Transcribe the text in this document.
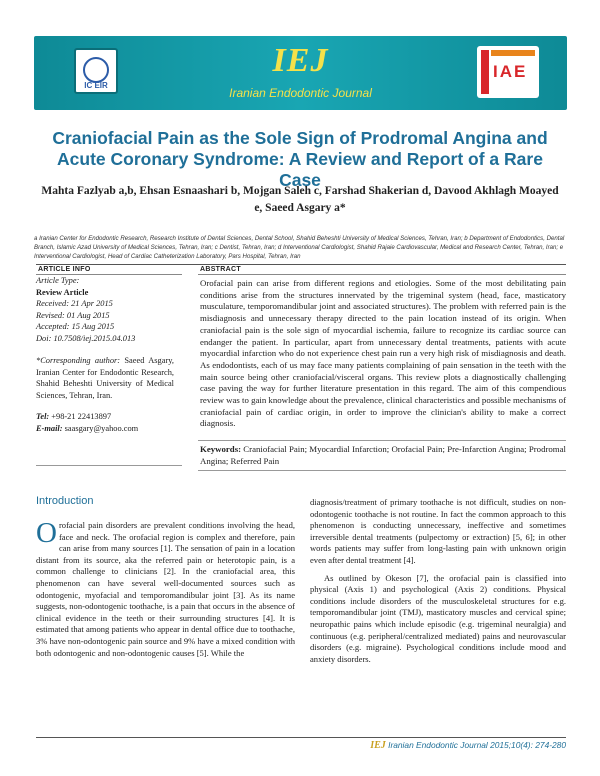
IC EIR
IEJ
Iranian Endodontic Journal
IAE
Craniofacial Pain as the Sole Sign of Prodromal Angina and Acute Coronary Syndrome: A Review and Report of a Rare Case
Mahta Fazlyab a,b, Ehsan Esnaashari b, Mojgan Saleh c, Farshad Shakerian d, Davood Akhlagh Moayed e, Saeed Asgary a*
a Iranian Center for Endodontic Research, Research Institute of Dental Sciences, Dental School, Shahid Beheshti University of Medical Sciences, Tehran, Iran; b Department of Endodontics, Dental Branch, Islamic Azad University of Medical Sciences, Tehran, Iran; c Dentist, Tehran, Iran; d Interventional Cardiologist, Shahid Rajaie Cardiovascular, Medical and Research Center, Tehran, Iran; e Interventional Cardiologist, Head of Cardiac Catheterization Laboratory, Pars Hospital, Tehran, Iran
ARTICLE INFO	ABSTRACT
Article Type:
Review Article
Received: 21 Apr 2015
Revised: 01 Aug 2015
Accepted: 15 Aug 2015
Doi: 10.7508/iej.2015.04.013
*Corresponding author: Saeed Asgary, Iranian Center for Endodontic Research, Shahid Beheshti University of Medical Sciences, Tehran, Iran.
Tel: +98-21 22413897
E-mail: saasgary@yahoo.com
Orofacial pain can arise from different regions and etiologies. Some of the most debilitating pain conditions arise from the structures innervated by the trigeminal system (head, face, masticatory musculature, temporomandibular joint and associated structures). The problem with referred pain is the misdiagnosis and unnecessary therapy directed to the pain location instead of its origin. When craniofacial pain is the sole sign of myocardial ischemia, failure to recognize its cardiac source can endanger the patient. In particular, apart from unnecessary dental treatments, patients with acute myocardial infarction who do not experience chest pain run a very high risk of misdiagnosis and death. As endodontists, each of us may face many patients complaining of pain sensation in the teeth with the main source being other craniofacial/visceral organs. This review plots a diagnostically challenging case paving the way for further literature presentation in this regard. The aim of this compendious review was to gain knowledge about the prevalence, clinical characteristics and possible mechanisms of craniofacial pain of cardiac origin, in order to improve the clinician's ability to make a correct diagnosis.
Keywords: Craniofacial Pain; Myocardial Infarction; Orofacial Pain; Pre-Infarction Angina; Prodromal Angina; Referred Pain
Introduction

Orofacial pain disorders are prevalent conditions involving the head, face and neck. The orofacial region is complex and therefore, pain can arise from many sources [1]. The sensation of pain in a location distant from its source, aka the referred pain or heterotopic pain, is a common challenge to clinicians [2]. In the craniofacial area, this phenomenon can have several well-documented sources such as odontogenic, myofacial and temporomandibular joint [3]. As its name suggests, non-odontogenic toothache, is a pain that occurs in the absence of clinical evidence in the teeth or their surrounding structures [4]. It is estimated that among patients who appear in dental office due to toothache, 3% have non-odontogenic pain source and 9% have a mixed condition with both odontogenic and non-odontogenic causes [5]. While the

diagnosis/treatment of primary toothache is not difficult, studies on non-odontogenic toothache is not routine. In fact the common approach to this phenomenon is conducting unnecessary, ineffective and sometimes irreversible dental treatments (pulpectomy or extraction) [5, 6]; in other words patients may suffer from long-lasting pain with unknown origin even after dental treatment [4].

As outlined by Okeson [7], the orofacial pain is classified into physical (Axis 1) and psychological (Axis 2) conditions. Physical conditions include disorders of the musculoskeletal structures for e.g. temporomandibular joint (TMJ), masticatory muscles and cervical spine; neuropathic pains which include episodic (e.g. trigeminal neuralgia) and continuous (e.g. peripheral/centralized mediated) pains and neurovascular disorders (e.g. migraine). Psychological conditions include mood and anxiety disorders.

IEJ Iranian Endodontic Journal 2015;10(4): 274-280
